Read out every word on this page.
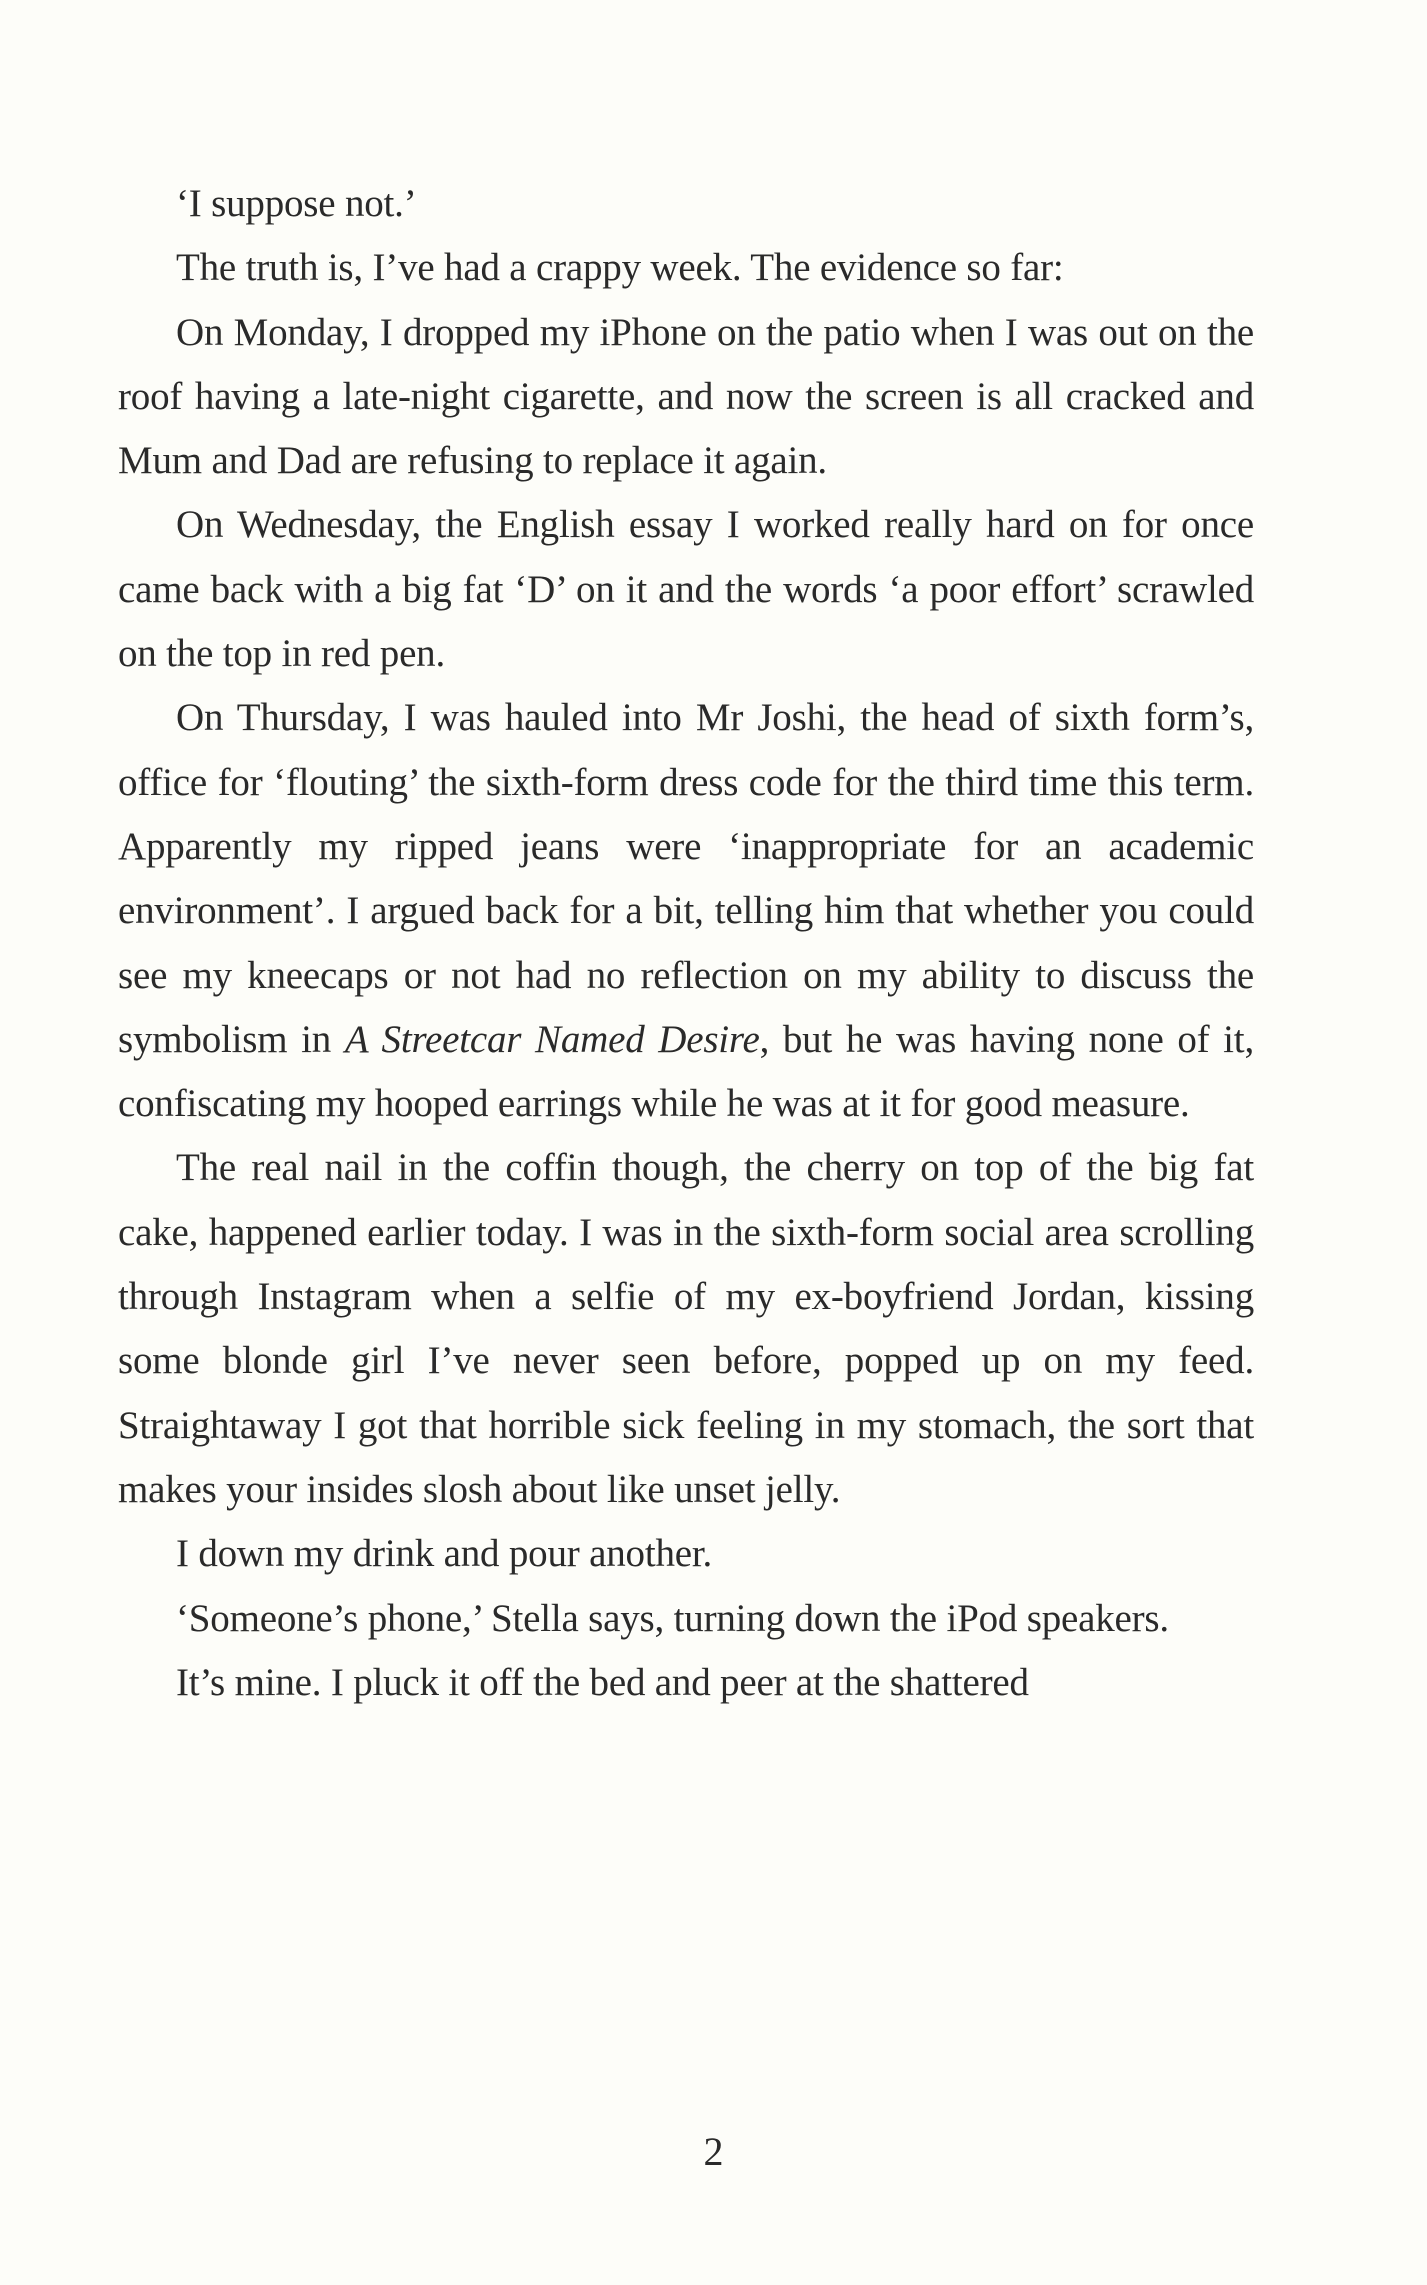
‘I suppose not.’

The truth is, I’ve had a crappy week. The evidence so far:

On Monday, I dropped my iPhone on the patio when I was out on the roof having a late-night cigarette, and now the screen is all cracked and Mum and Dad are refusing to replace it again.

On Wednesday, the English essay I worked really hard on for once came back with a big fat ‘D’ on it and the words ‘a poor effort’ scrawled on the top in red pen.

On Thursday, I was hauled into Mr Joshi, the head of sixth form’s, office for ‘flouting’ the sixth-form dress code for the third time this term. Apparently my ripped jeans were ‘inappropriate for an academic environment’. I argued back for a bit, telling him that whether you could see my kneecaps or not had no reflection on my ability to discuss the symbolism in A Streetcar Named Desire, but he was having none of it, confiscating my hooped earrings while he was at it for good measure.

The real nail in the coffin though, the cherry on top of the big fat cake, happened earlier today. I was in the sixth-form social area scrolling through Instagram when a selfie of my ex-boyfriend Jordan, kissing some blonde girl I’ve never seen before, popped up on my feed. Straightaway I got that horrible sick feeling in my stomach, the sort that makes your insides slosh about like unset jelly.

I down my drink and pour another.

‘Someone’s phone,’ Stella says, turning down the iPod speakers.

It’s mine. I pluck it off the bed and peer at the shattered

2
